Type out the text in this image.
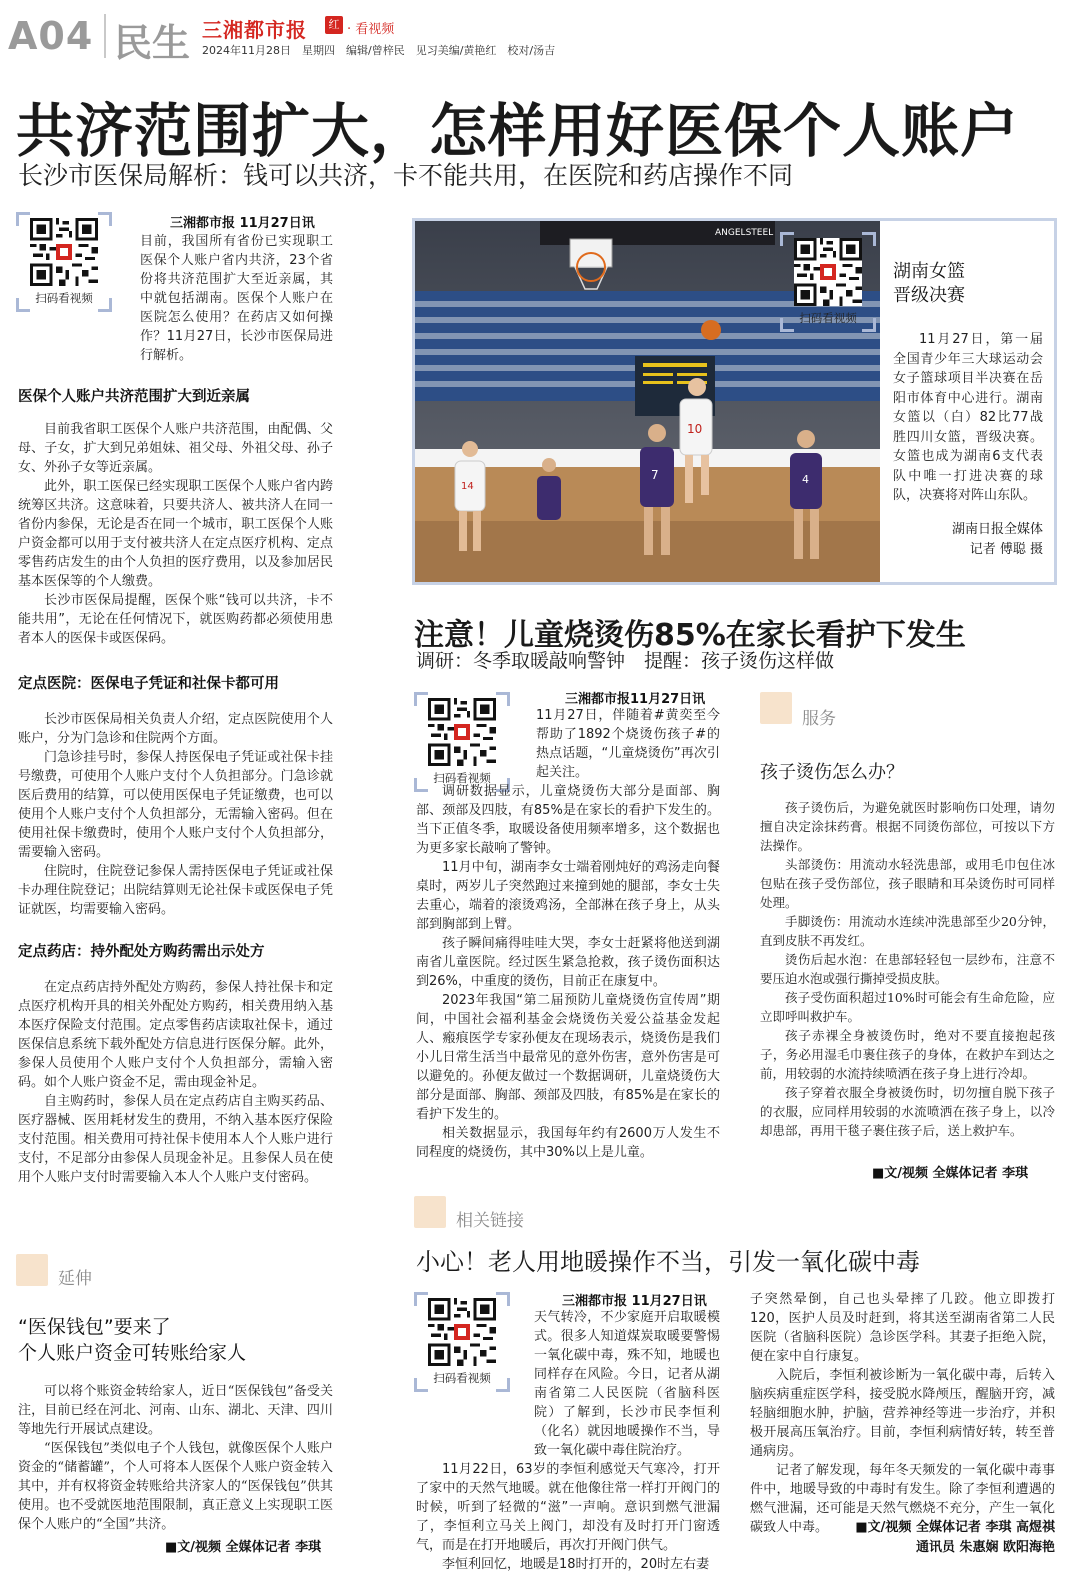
A04 民生 三湘都市报	红 · 看视频
2024年11月28日　星期四　编辑/曾梓民　见习美编/黄艳红　校对/汤吉
共济范围扩大，怎样用好医保个人账户
长沙市医保局解析：钱可以共济，卡不能共用，在医院和药店操作不同
扫码看视频
三湘都市报 11月27日讯

目前，我国所有省份已实现职工医保个人账户省内共济，23个省份将共济范围扩大至近亲属，其中就包括湖南。医保个人账户在医院怎么使用？在药店又如何操作？11月27日，长沙市医保局进行解析。

医保个人账户共济范围扩大到近亲属

目前我省职工医保个人账户共济范围，由配偶、父母、子女，扩大到兄弟姐妹、祖父母、外祖父母、孙子女、外孙子女等近亲属。

此外，职工医保已经实现职工医保个人账户省内跨统筹区共济。这意味着，只要共济人、被共济人在同一省份内参保，无论是否在同一个城市，职工医保个人账户资金都可以用于支付被共济人在定点医疗机构、定点零售药店发生的由个人负担的医疗费用，以及参加居民基本医保等的个人缴费。

长沙市医保局提醒，医保个账“钱可以共济，卡不能共用”，无论在任何情况下，就医购药都必须使用患者本人的医保卡或医保码。

定点医院：医保电子凭证和社保卡都可用

长沙市医保局相关负责人介绍，定点医院使用个人账户，分为门急诊和住院两个方面。

门急诊挂号时，参保人持医保电子凭证或社保卡挂号缴费，可使用个人账户支付个人负担部分。门急诊就医后费用的结算，可以使用医保电子凭证缴费，也可以使用个人账户支付个人负担部分，无需输入密码。但在使用社保卡缴费时，使用个人账户支付个人负担部分，需要输入密码。

住院时，住院登记参保人需持医保电子凭证或社保卡办理住院登记；出院结算则无论社保卡或医保电子凭证就医，均需要输入密码。

定点药店：持外配处方购药需出示处方

在定点药店持外配处方购药，参保人持社保卡和定点医疗机构开具的相关外配处方购药，相关费用纳入基本医疗保险支付范围。定点零售药店读取社保卡，通过医保信息系统下载外配处方信息进行医保分解。此外，参保人员使用个人账户支付个人负担部分，需输入密码。如个人账户资金不足，需由现金补足。

自主购药时，参保人员在定点药店自主购买药品、医疗器械、医用耗材发生的费用，不纳入基本医疗保险支付范围。相关费用可持社保卡使用本人个人账户进行支付，不足部分由参保人员现金补足。且参保人员在使用个人账户支付时需要输入本人个人账户支付密码。

延伸
“医保钱包”要来了
个人账户资金可转账给家人

可以将个账资金转给家人，近日“医保钱包”备受关注，目前已经在河北、河南、山东、湖北、天津、四川等地先行开展试点建设。

“医保钱包”类似电子个人钱包，就像医保个人账户资金的“储蓄罐”，个人可将本人医保个人账户资金转入其中，并有权将资金转账给共济家人的“医保钱包”供其使用。也不受就医地范围限制，真正意义上实现职工医保个人账户的“全国”共济。

■文/视频 全媒体记者 李琪
ANGELSTEEL
10
7
14
4
扫码看视频
湖南女篮
晋级决赛

11月27日，第一届全国青少年三大球运动会女子篮球项目半决赛在岳阳市体育中心进行。湖南女篮以（白）82比77战胜四川女篮，晋级决赛。女篮也成为湖南6支代表队中唯一打进决赛的球队，决赛将对阵山东队。

湖南日报全媒体
记者 傅聪 摄
注意！儿童烧烫伤85%在家长看护下发生
调研：冬季取暖敲响警钟　提醒：孩子烫伤这样做
扫码看视频
三湘都市报11月27日讯

11月27日，伴随着#黄奕至今帮助了1892个烧烫伤孩子#的热点话题，“儿童烧烫伤”再次引起关注。

调研数据显示，儿童烧烫伤大部分是面部、胸部、颈部及四肢，有85%是在家长的看护下发生的。当下正值冬季，取暖设备使用频率增多，这个数据也为更多家长敲响了警钟。

11月中旬，湖南李女士端着刚炖好的鸡汤走向餐桌时，两岁儿子突然跑过来撞到她的腿部，李女士失去重心，端着的滚烫鸡汤，全部淋在孩子身上，从头部到胸部到上臂。

孩子瞬间痛得哇哇大哭，李女士赶紧将他送到湖南省儿童医院。经过医生紧急抢救，孩子烫伤面积达到26%，中重度的烫伤，目前正在康复中。

2023年我国“第二届预防儿童烧烫伤宣传周”期间，中国社会福利基金会烧烫伤关爱公益基金发起人、瘢痕医学专家孙便友在现场表示，烧烫伤是我们小儿日常生活当中最常见的意外伤害，意外伤害是可以避免的。孙便友做过一个数据调研，儿童烧烫伤大部分是面部、胸部、颈部及四肢，有85%是在家长的看护下发生的。

相关数据显示，我国每年约有2600万人发生不同程度的烧烫伤，其中30%以上是儿童。

服务
孩子烫伤怎么办？

孩子烫伤后，为避免就医时影响伤口处理，请勿擅自决定涂抹药膏。根据不同烫伤部位，可按以下方法操作。

头部烫伤：用流动水轻洗患部，或用毛巾包住冰包贴在孩子受伤部位，孩子眼睛和耳朵烫伤时可同样处理。

手脚烫伤：用流动水连续冲洗患部至少20分钟，直到皮肤不再发红。

烫伤后起水泡：在患部轻轻包一层纱布，注意不要压迫水泡或强行撕掉受损皮肤。

孩子受伤面积超过10%时可能会有生命危险，应立即呼叫救护车。

孩子赤裸全身被烫伤时，绝对不要直接抱起孩子，务必用湿毛巾裹住孩子的身体，在救护车到达之前，用较弱的水流持续喷洒在孩子身上进行冷却。

孩子穿着衣服全身被烫伤时，切勿擅自脱下孩子的衣服，应同样用较弱的水流喷洒在孩子身上，以冷却患部，再用干毯子裹住孩子后，送上救护车。

■文/视频 全媒体记者 李琪
相关链接
小心！老人用地暖操作不当，引发一氧化碳中毒
扫码看视频
三湘都市报 11月27日讯

天气转冷，不少家庭开启取暖模式。很多人知道煤炭取暖要警惕一氧化碳中毒，殊不知，地暖也同样存在风险。今日，记者从湖南省第二人民医院（省脑科医院）了解到，长沙市民李恒利（化名）就因地暖操作不当，导致一氧化碳中毒住院治疗。

11月22日，63岁的李恒利感觉天气寒冷，打开了家中的天然气地暖。就在他像往常一样打开阀门的时候，听到了轻微的“滋”一声响。意识到燃气泄漏了，李恒利立马关上阀门，却没有及时打开门窗透气，而是在打开地暖后，再次打开阀门供气。

李恒利回忆，地暖是18时打开的，20时左右妻

子突然晕倒，自己也头晕摔了几跤。他立即拨打120，医护人员及时赶到，将其送至湖南省第二人民医院（省脑科医院）急诊医学科。其妻子拒绝入院，便在家中自行康复。

入院后，李恒利被诊断为一氧化碳中毒，后转入脑疾病重症医学科，接受脱水降颅压，醒脑开窍，减轻脑细胞水肿，护脑，营养神经等进一步治疗，并积极开展高压氧治疗。目前，李恒利病情好转，转至普通病房。

记者了解发现，每年冬天频发的一氧化碳中毒事件中，地暖导致的中毒时有发生。除了李恒利遭遇的燃气泄漏，还可能是天然气燃烧不充分，产生一氧化碳致人中毒。	■文/视频 全媒体记者 李琪 高煜祺
通讯员 朱惠娴 欧阳海艳
